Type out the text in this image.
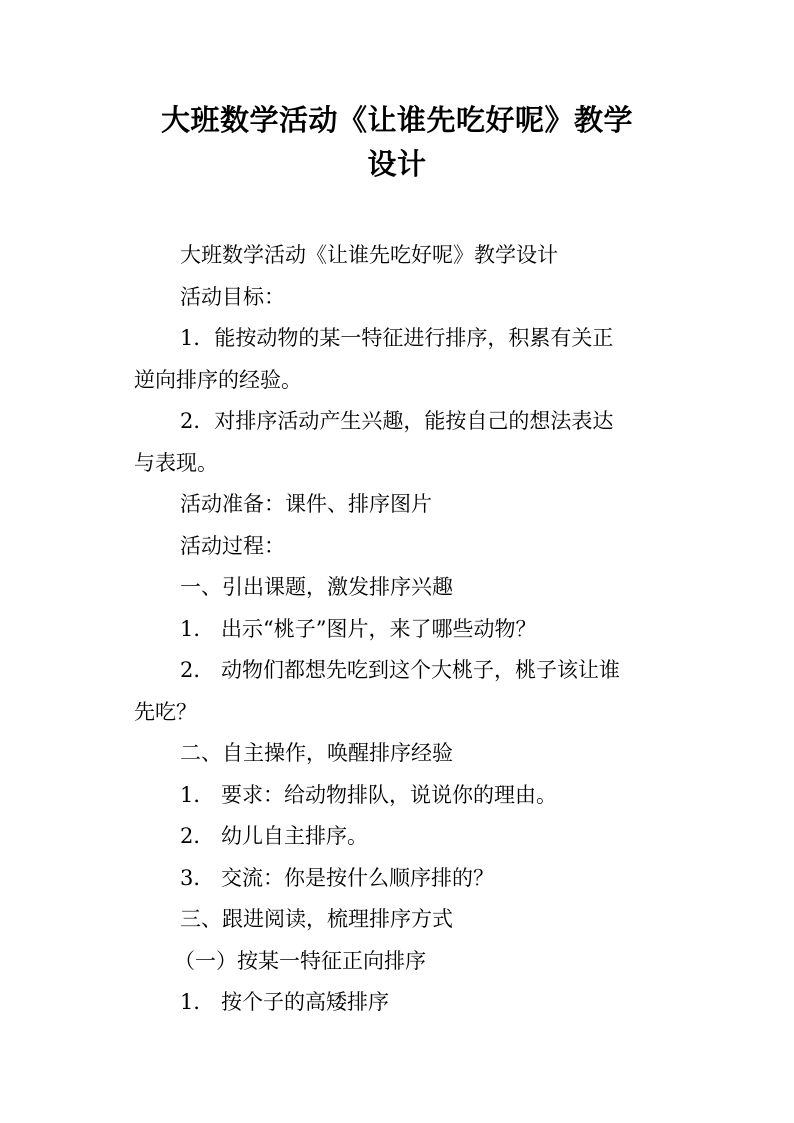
大班数学活动《让谁先吃好呢》教学
设计

大班数学活动《让谁先吃好呢》教学设计

活动目标：

1．能按动物的某一特征进行排序，积累有关正

逆向排序的经验。

2．对排序活动产生兴趣，能按自己的想法表达

与表现。

活动准备：课件、排序图片

活动过程：

一、引出课题，激发排序兴趣

1． 出示“桃子”图片，来了哪些动物？

2． 动物们都想先吃到这个大桃子，桃子该让谁

先吃？

二、自主操作，唤醒排序经验

1． 要求：给动物排队，说说你的理由。

2． 幼儿自主排序。

3． 交流：你是按什么顺序排的？

三、跟进阅读，梳理排序方式

（一）按某一特征正向排序

1． 按个子的高矮排序
